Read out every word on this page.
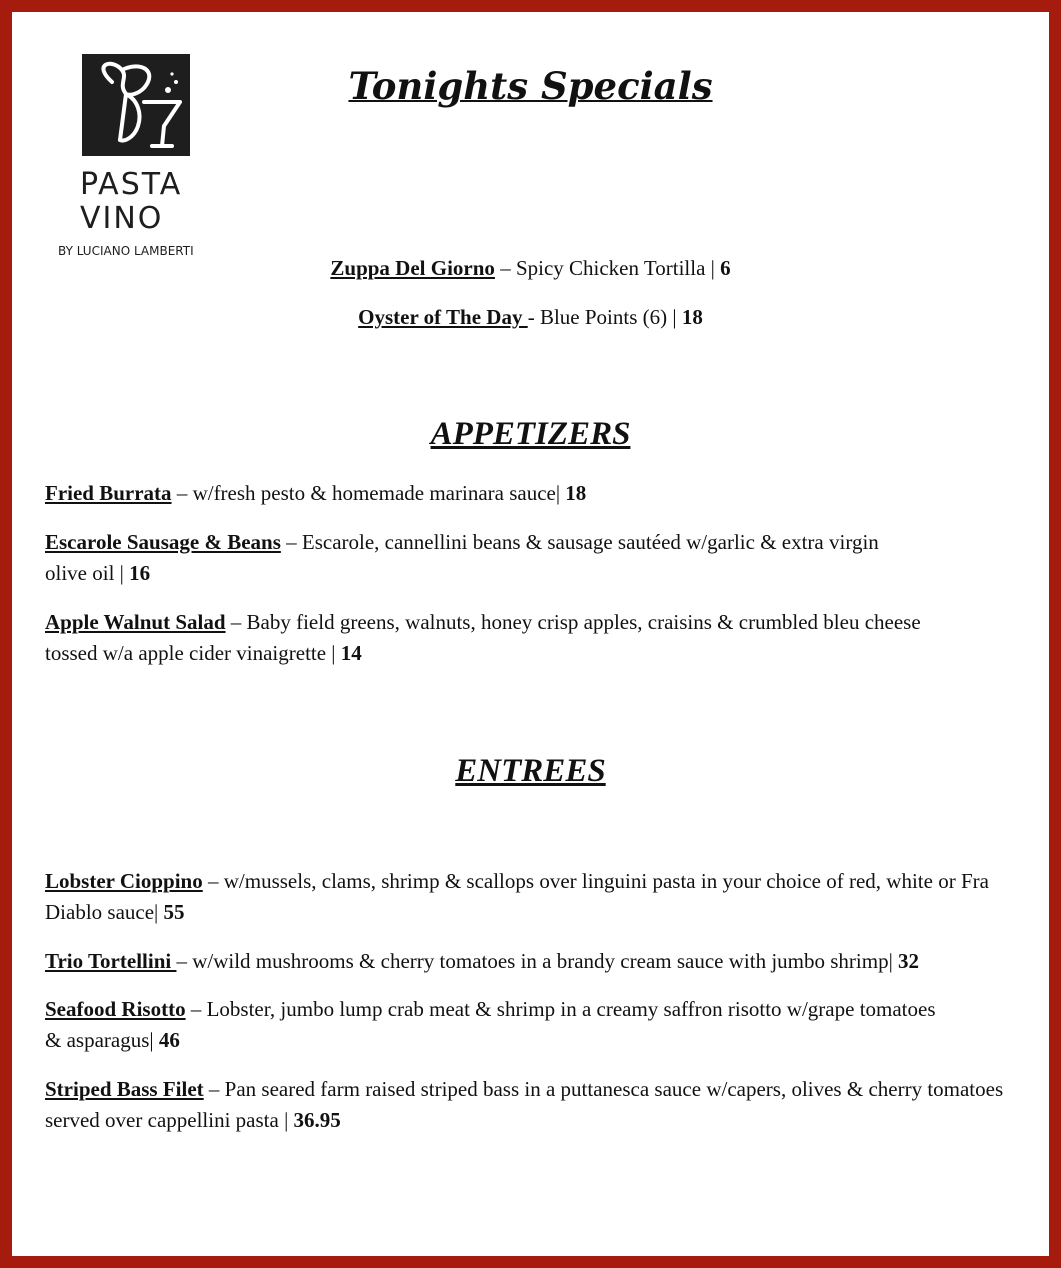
PASTA
VINO
BY LUCIANO LAMBERTI
Tonights Specials
Zuppa Del Giorno – Spicy Chicken Tortilla | 6
Oyster of The Day - Blue Points (6) | 18
APPETIZERS
Fried Burrata – w/fresh pesto & homemade marinara sauce| 18
Escarole Sausage & Beans – Escarole, cannellini beans & sausage sautéed w/garlic & extra virgin olive oil | 16
Apple Walnut Salad – Baby field greens, walnuts, honey crisp apples, craisins & crumbled bleu cheese tossed w/a apple cider vinaigrette | 14
ENTREES
Lobster Cioppino – w/mussels, clams, shrimp & scallops over linguini pasta in your choice of red, white or Fra Diablo sauce| 55
Trio Tortellini – w/wild mushrooms & cherry tomatoes in a brandy cream sauce with jumbo shrimp| 32
Seafood Risotto – Lobster, jumbo lump crab meat & shrimp in a creamy saffron risotto w/grape tomatoes & asparagus| 46
Striped Bass Filet – Pan seared farm raised striped bass in a puttanesca sauce w/capers, olives & cherry tomatoes served over cappellini pasta | 36.95
